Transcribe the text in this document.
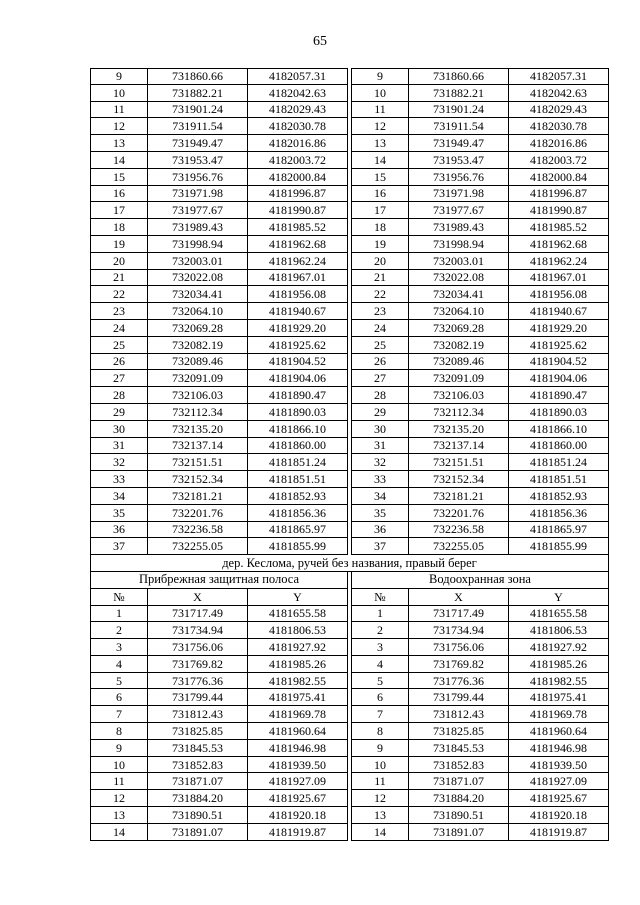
65
9	731860.66	4182057.31	9	731860.66	4182057.31
10	731882.21	4182042.63	10	731882.21	4182042.63
11	731901.24	4182029.43	11	731901.24	4182029.43
12	731911.54	4182030.78	12	731911.54	4182030.78
13	731949.47	4182016.86	13	731949.47	4182016.86
14	731953.47	4182003.72	14	731953.47	4182003.72
15	731956.76	4182000.84	15	731956.76	4182000.84
16	731971.98	4181996.87	16	731971.98	4181996.87
17	731977.67	4181990.87	17	731977.67	4181990.87
18	731989.43	4181985.52	18	731989.43	4181985.52
19	731998.94	4181962.68	19	731998.94	4181962.68
20	732003.01	4181962.24	20	732003.01	4181962.24
21	732022.08	4181967.01	21	732022.08	4181967.01
22	732034.41	4181956.08	22	732034.41	4181956.08
23	732064.10	4181940.67	23	732064.10	4181940.67
24	732069.28	4181929.20	24	732069.28	4181929.20
25	732082.19	4181925.62	25	732082.19	4181925.62
26	732089.46	4181904.52	26	732089.46	4181904.52
27	732091.09	4181904.06	27	732091.09	4181904.06
28	732106.03	4181890.47	28	732106.03	4181890.47
29	732112.34	4181890.03	29	732112.34	4181890.03
30	732135.20	4181866.10	30	732135.20	4181866.10
31	732137.14	4181860.00	31	732137.14	4181860.00
32	732151.51	4181851.24	32	732151.51	4181851.24
33	732152.34	4181851.51	33	732152.34	4181851.51
34	732181.21	4181852.93	34	732181.21	4181852.93
35	732201.76	4181856.36	35	732201.76	4181856.36
36	732236.58	4181865.97	36	732236.58	4181865.97
37	732255.05	4181855.99	37	732255.05	4181855.99
дер. Кеслома, ручей без названия, правый берег
Прибрежная защитная полоса	Водоохранная зона
№	X	Y	№	X	Y
1	731717.49	4181655.58	1	731717.49	4181655.58
2	731734.94	4181806.53	2	731734.94	4181806.53
3	731756.06	4181927.92	3	731756.06	4181927.92
4	731769.82	4181985.26	4	731769.82	4181985.26
5	731776.36	4181982.55	5	731776.36	4181982.55
6	731799.44	4181975.41	6	731799.44	4181975.41
7	731812.43	4181969.78	7	731812.43	4181969.78
8	731825.85	4181960.64	8	731825.85	4181960.64
9	731845.53	4181946.98	9	731845.53	4181946.98
10	731852.83	4181939.50	10	731852.83	4181939.50
11	731871.07	4181927.09	11	731871.07	4181927.09
12	731884.20	4181925.67	12	731884.20	4181925.67
13	731890.51	4181920.18	13	731890.51	4181920.18
14	731891.07	4181919.87	14	731891.07	4181919.87
